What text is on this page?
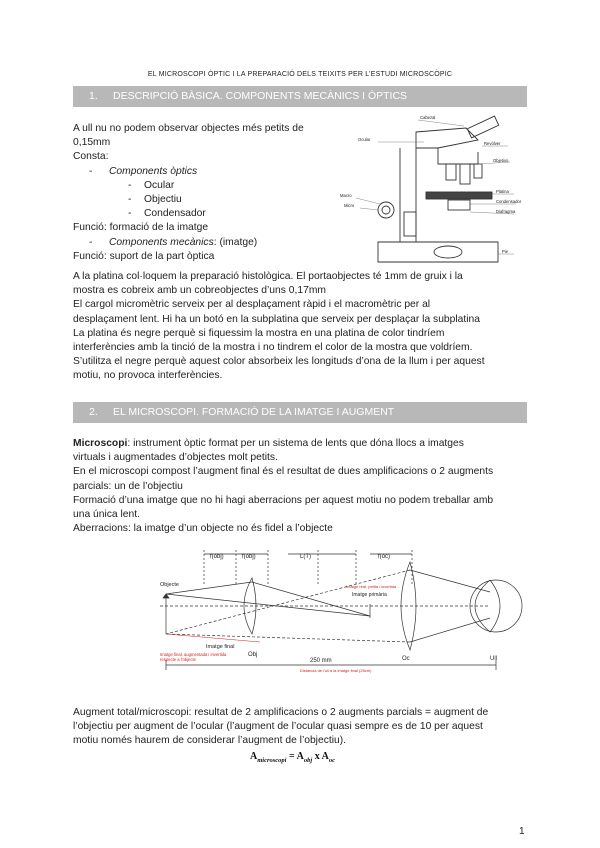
EL MICROSCOPI ÒPTIC I LA PREPARACIÓ DELS TEIXITS PER L’ESTUDI MICROSCÒPIC
1. DESCRIPCIÓ BÀSICA. COMPONENTS MECÀNICS I ÒPTICS

A ull nu no podem observar objectes més petits de

0,15mm

Consta:

- Components òptics

- Ocular

- Objectiu

- Condensador

Funció: formació de la imatge

- Components mecànics: (imatge)

Funció: suport de la part òptica

A la platina col·loquem la preparació histològica. El portaobjectes té 1mm de gruix i la

mostra es cobreix amb un cobreobjectes d’uns 0,17mm

El cargol micromètric serveix per al desplaçament ràpid i el macromètric per al

desplaçament lent. Hi ha un botó en la subplatina que serveix per desplaçar la subplatina

La platina és negre perquè si fiquessim la mostra en una platina de color tindríem

interferències amb la tinció de la mostra i no tindrem el color de la mostra que voldríem.

S’utilitza el negre perquè aquest color absorbeix les longituds d’ona de la llum i per aquest

motiu, no provoca interferències.

Cabezal
Ocular
Revólver
Objetivo
Platina
Condensador
Diafragma
Macro
Micro
Pie
2. EL MICROSCOPI. FORMACIÓ DE LA IMATGE I AUGMENT

Microscopi: instrument òptic format per un sistema de lents que dóna llocs a imatges

virtuals i augmentades d’objectes molt petits.

En el microscopi compost l’augment final és el resultat de dues amplificacions o 2 augments

parcials: un de l’objectiu

Formació d’una imatge que no hi hagi aberracions per aquest motiu no podem treballar amb

una única lent.

Aberracions: la imatge d’un objecte no és fidel a l’objecte

f(obj)	f(obj)	L(T)	f(oc)
Objecte	Imatge real, petita i invertida
Imatge primària
Imatge final
Obj
Oc	Ull
250 mm
Distància de l'ull a la imatge final (25cm)
Imatge final, augmentada i invertida respecte a l'objecte

Augment total/microscopi: resultat de 2 amplificacions o 2 augments parcials = augment de

l’objectiu per augment de l’ocular (l’augment de l’ocular quasi sempre es de 10 per aquest

motiu només haurem de considerar l’augment de l’objectiu).

$A_{microscopi} = A_{obj}$ x $A_{oc}$
1
